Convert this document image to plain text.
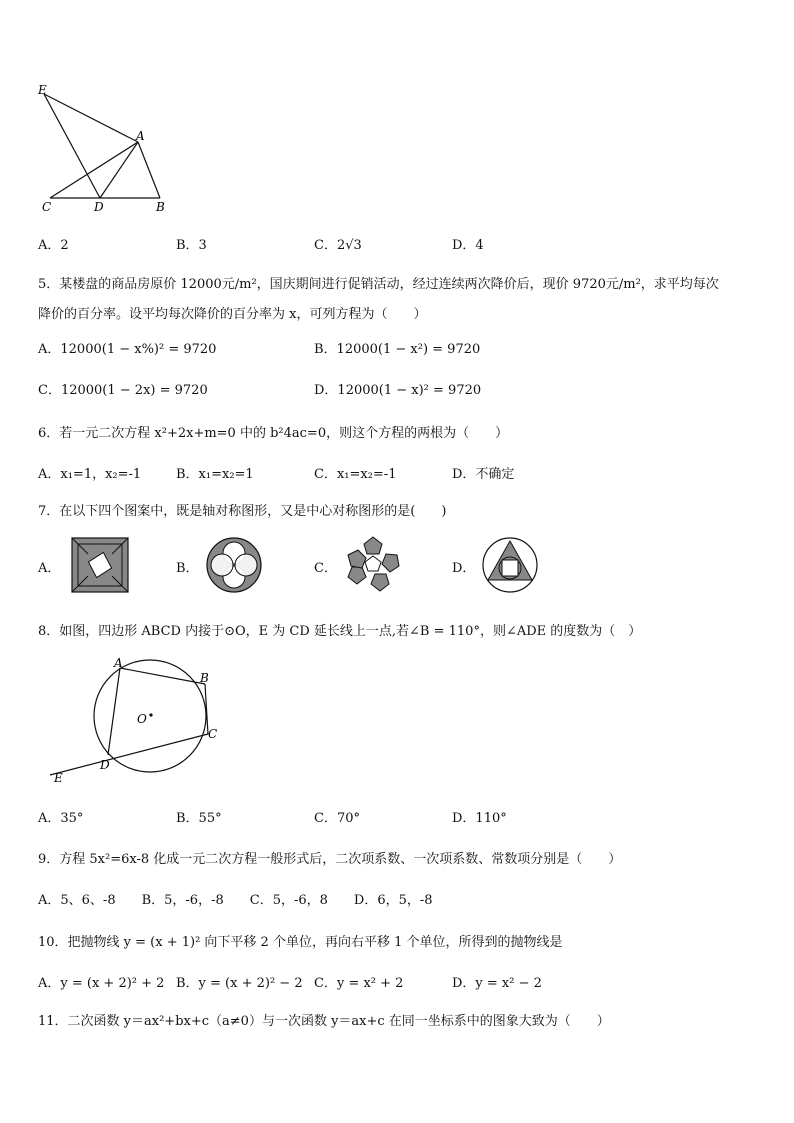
E
A
C	D	B
A．2	B．3	C．2√3	D．4
5．某楼盘的商品房原价 12000元/m²，国庆期间进行促销活动，经过连续两次降价后，现价 9720元/m²，求平均每次
降价的百分率。设平均每次降价的百分率为 x，可列方程为（　　）
A．12000(1 − x%)² = 9720	B．12000(1 − x²) = 9720
C．12000(1 − 2x) = 9720	D．12000(1 − x)² = 9720
6．若一元二次方程 x²+2x+m=0 中的 b²4ac=0，则这个方程的两根为（　　）
A．x₁=1，x₂=-1	B．x₁=x₂=1	C．x₁=x₂=-1	D．不确定
7．在以下四个图案中，既是轴对称图形，又是中心对称图形的是(　　)
A．	B．	C．	D．
8．如图，四边形 ABCD 内接于⊙O，E 为 CD 延长线上一点,若∠B = 110°，则∠ADE 的度数为（　）
A
B
C
D
E
O
A．35°	B．55°	C．70°	D．110°
9．方程 5x²=6x-8 化成一元二次方程一般形式后，二次项系数、一次项系数、常数项分别是（　　）
A．5、6、-8　　B．5，-6，-8　　C．5，-6，8　　D．6，5，-8
10．把抛物线 y = (x + 1)² 向下平移 2 个单位，再向右平移 1 个单位，所得到的抛物线是
A．y = (x + 2)² + 2 B．y = (x + 2)² − 2 C．y = x² + 2	D．y = x² − 2
11．二次函数 y＝ax²+bx+c（a≠0）与一次函数 y＝ax+c 在同一坐标系中的图象大致为（　　）
